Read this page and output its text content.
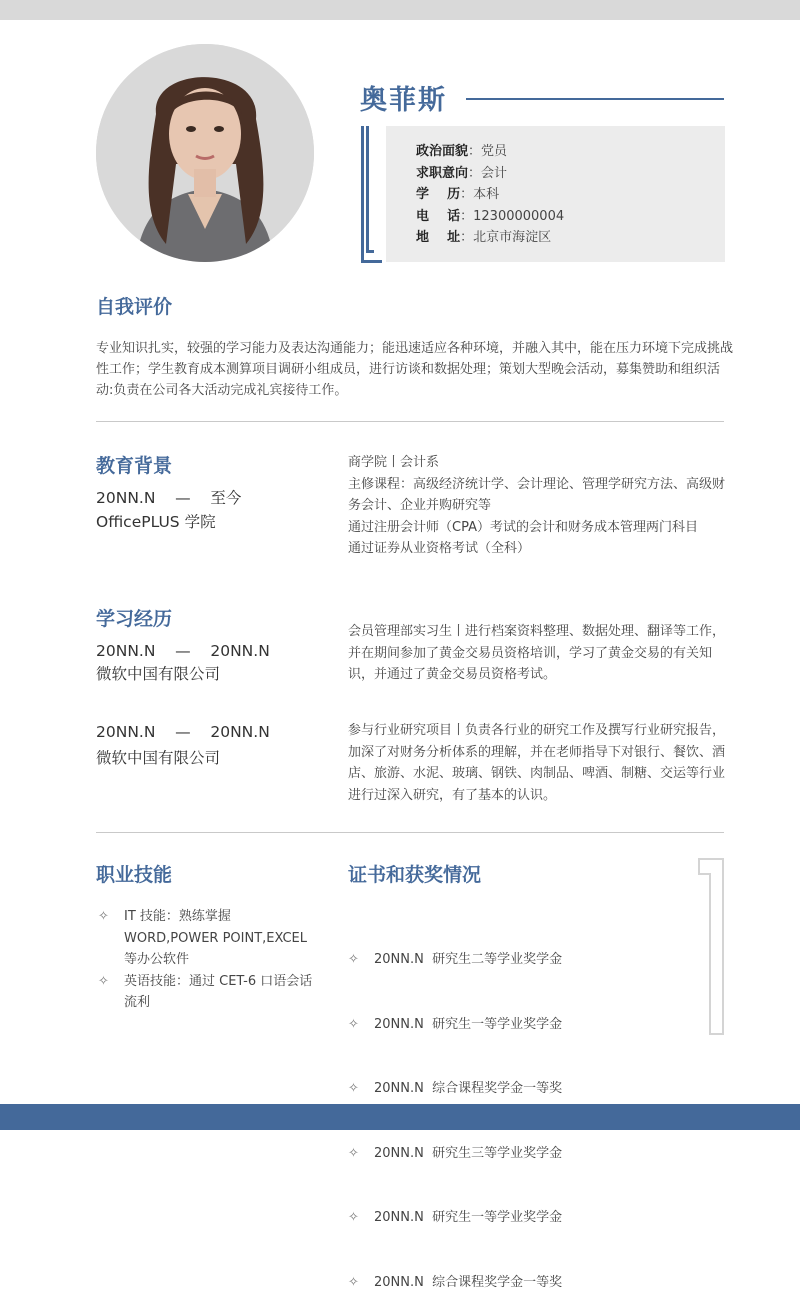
奥菲斯
政治面貌：党员
求职意向：会计
学    历：本科
电    话：12300000004
地    址：北京市海淀区
自我评价
专业知识扎实，较强的学习能力及表达沟通能力；能迅速适应各种环境，并融入其中，能在压力环境下完成挑战性工作；学生教育成本测算项目调研小组成员，进行访谈和数据处理；策划大型晚会活动，募集赞助和组织活动:负责在公司各大活动完成礼宾接待工作。
教育背景
20NN.N    —    至今
OfficePLUS 学院
商学院丨会计系
主修课程：高级经济统计学、会计理论、管理学研究方法、高级财务会计、企业并购研究等
通过注册会计师（CPA）考试的会计和财务成本管理两门科目
通过证券从业资格考试（全科）
学习经历
20NN.N    —    20NN.N
微软中国有限公司
会员管理部实习生丨进行档案资料整理、数据处理、翻译等工作，并在期间参加了黄金交易员资格培训，学习了黄金交易的有关知识，并通过了黄金交易员资格考试。
20NN.N    —    20NN.N
微软中国有限公司
参与行业研究项目丨负责各行业的研究工作及撰写行业研究报告，加深了对财务分析体系的理解，并在老师指导下对银行、餐饮、酒店、旅游、水泥、玻璃、钢铁、肉制品、啤酒、制糖、交运等行业进行过深入研究，有了基本的认识。
职业技能
✧ IT 技能：熟练掌握 WORD,POWER POINT,EXCEL 等办公软件
✧ 英语技能：通过 CET-6 口语会话流利
证书和获奖情况

✧ 20NN.N  研究生二等学业奖学金

✧ 20NN.N  研究生一等学业奖学金

✧ 20NN.N  综合课程奖学金一等奖

✧ 20NN.N  研究生三等学业奖学金

✧ 20NN.N  研究生一等学业奖学金

✧ 20NN.N  综合课程奖学金一等奖
